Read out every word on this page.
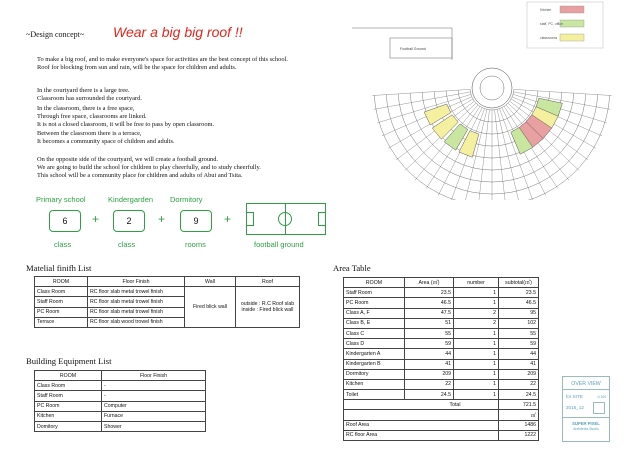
~Design concept~ Wear a big big roof !!
To make a big roof, and to make everyone's space for activities are the best concept of this school.
Roof for blocking from sun and rain, will be the space for children and adults.
In the courtyard there is a large tree.
Classroom has surrounded the courtyard.
In the classroom, there is a free space,
Through free space, classrooms are linked.
It is not a closed classroom, it will be free to pass by open classroom.
Between the classroom there is a terrace,
It becomes a community space of children and adults.
On the opposite side of the courtyard, we will create a football ground.
We are going to build the school for children to play cheerfully, and to study cheerfully.
This school will be a community place for children and adults of Abui and Tsita.
Primary school
6
class
Kindergarden
2
class
Dormitory
9
rooms
+	+	+
football ground
Football Ground
Kitchen
staff, PC, office
classrooms
Matelial finifh List
ROOM	Floor Finish	Wall	Roof
Class Room	RC floor slab metal trowel finish	Fired blick wall	outside : R.C Roof slab
inside : Fired blick wall

Staff Room	RC floor slab metal trowel finish		
PC Room	RC floor slab metal trowel finish		
Terrace	RC floor slab wood trowel finish		
Building Equipment List
ROOM	Floor Finish
Class Room	-
Staff Room	-
PC Room	Computer
Kitchen	Furnace
Domitory	Shower
Area Table
ROOM	Area (㎡)	number	subtotal(㎡)
Staff Room	23.5	1	23.5
PC Room	46.5	1	46.5
Class A, F	47.5	2	95
Class B, E	51	2	102
Class C	55	1	55
Class D	59	1	59
Kindergarten A	44	1	44
Kindergarten B	41	1	41
Dormitory	209	1	209
Kitchen	22	1	22
Toilet	24.5	1	24.5
Total			721.5
			㎡
Roof Area			1486
RC floor Area			1222
OVER VIEW
for SITE	1/ 300
2015_12
SUPER PIXEL
Architects Studio
